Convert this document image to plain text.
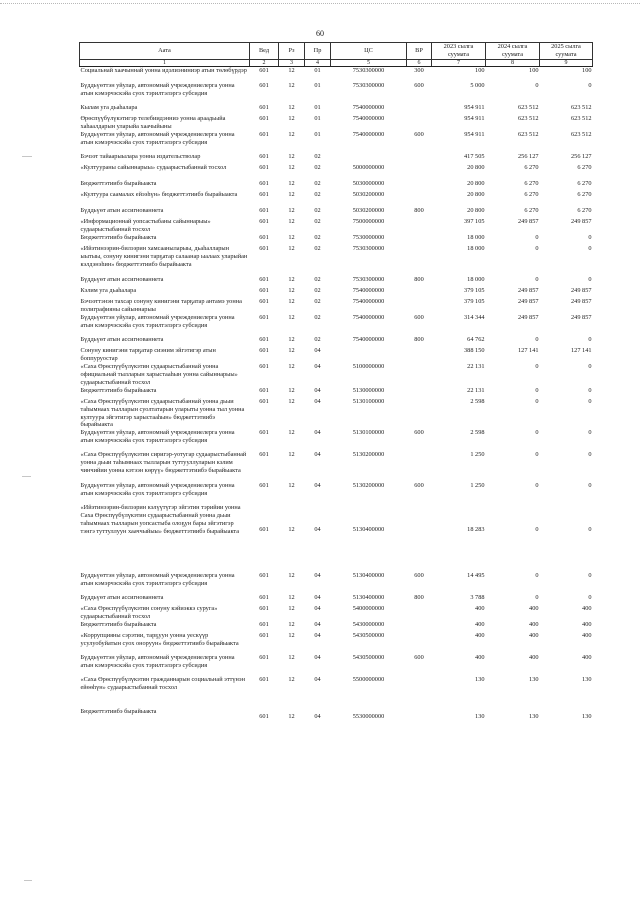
60
Аата	Вед	Рз	Пр	ЦС	ВР	2023 сылга суумата	2024 сылга суумата	2025 сылга суумата
1	2	3	4	5	6	7	8	9
Социальнай хаачыннай уонна идэлиэниниэр атын төлөбүрдэр	601	12	01	7530300000	300	100	100	100
Бүддьүөттэн уйулар, автономнай учреждениелерга уонна атын кэмэрчэскэйа суох тэрилтэлэргэ субсидия	601	12	01	7530300000	600	5 000	0	0
Кылам уга дьаһалара	601	12	01	7540000000		954 911	623 512	623 512
Өрөспүүбүлүкэтигэр телебиидэнниэ уонна араадьыйа хаһаалдарын уларыйа хаачыйыны	601	12	01	7540000000		954 911	623 512	623 512
Бүддьүөттэн уйулар, автономнай учреждениелерга уонна атын кэмэрчэскэйа суох тэрилтэлэргэ субсидия	601	12	01	7540000000	600	954 911	623 512	623 512
Бэчээт тайаарыылара уонна издательстволар	601	12	02			417 505	256 127	256 127
«Култуураны сайыннарыы» судаарыстыбаннай тосхол	601	12	02	5000000000		20 800	6 270	6 270
Бюджеттэтиибэ бырайыакта	601	12	02	5030000000		20 800	6 270	6 270
«Култуура саамалах ейээһүн» бюджеттэтиибэ бырайыакта	601	12	02	5030200000		20 800	6 270	6 270
Бүддьүөт атын ассигнованнета	601	12	02	5030200000	800	20 800	6 270	6 270
«Информационнай уопсастыбаны сайыннарыы» судаарыстыбаннай тосхол	601	12	02	7500000000		397 105	249 857	249 857
Бюджеттэтиибэ бырайыакта	601	12	02	7530000000		18 000	0	0
«Ийэтинээрин-билээрин хамсааныларыы, дьаһалларын ыытыы, сонуну кинигэни тарҕатар салаанар ыалаах уларыйан кэлдэнэһин» бюджеттэтиибэ бырайыакта	601	12	02	7530300000		18 000	0	0
Бүддьүөт атын ассигнованнета	601	12	02	7530300000	800	18 000	0	0
Кэлим уга дьаһалара	601	12	02	7540000000		379 105	249 857	249 857
Бэчээттэнэн тахсар сонуну кинигэни тарҕатар антамэ уонна полиграфияны сайыннарыы	601	12	02	7540000000		379 105	249 857	249 857
Бүддьүөттэн уйулар, автономнай учреждениелерга уонна атын кэмэрчэскэйа суох тэрилтэлэргэ субсидия	601	12	02	7540000000	600	314 344	249 857	249 857
Бүддьүөт атын ассигнованнета	601	12	02	7540000000	800	64 762	0	0
Сонуну кинигэни тарҕатар сиэним эйгэтигэр атын боппуруостар	601	12	04			388 150	127 141	127 141
«Саха Өрөспүүбүлүкэтин судаарыстыбаннай уонна официальнай тылларын харыстааһын уонна сайыннарыы» судаарыстыбаннай тосхол	601	12	04	5100000000		22 131	0	0
Бюджеттэтиибэ бырайыакта	601	12	04	5130000000		22 131	0	0
«Саха Өрөспүүбүлүкэтин судаарыстыбаннай уонна дьыи таһымнаах тылларын суолтатарын уларыты уонна тыл уонна култуура эйгэтигэр харыстааһын» бюджеттэтиибэ бырайыакта	601	12	04	5130100000		2 598	0	0
Бүддьүөттэн уйулар, автономнай учреждениелерга уонна атын кэмэрчэскэйа суох тэрилтэлэргэ субсидия	601	12	04	5130100000	600	2 598	0	0
«Саха Өрөспүүбүлүкэтин сиригэр-уотугар судаарыстыбаннай уонна дьыи таһымнаах тылларын туттууллуларын кэлим чинчийии уонна кэтээн көрүү» бюджеттэтиибэ бырайыакта	601	12	04	5130200000		1 250	0	0
Бүддьүөттэн уйулар, автономнай учреждениелерга уонна атын кэмэрчэскэйа суох тэрилтэлэргэ субсидия	601	12	04	5130200000	600	1 250	0	0
«Ийэтинээрин-билээрин кэлүүтүгэр эйгэтин тэрийии уонна Саха Өрөспүүбүлүкэтин судаарыстыбаннай уонна дьыи таһымнаах тылларын уопсастыба олоҕун бары эйгэтигэр тэнгэ туттуллуун хааччыйыы» бюджеттэтиибэ бырайыакта	601	12	04	5130400000		18 283	0	0
Бүддьүөттэн уйулар, автономнай учреждениелерга уонна атын кэмэрчэскэйа суох тэрилтэлэргэ субсидия	601	12	04	5130400000	600	14 495	0	0
Бүддьүөт атын ассигнованнета	601	12	04	5130400000	800	3 788	0	0
«Саха Өрөспүүбүлүкэтин сонуну кэйиэккэ суруга» судаарыстыбаннай тосхол	601	12	04	5400000000		400	400	400
Бюджеттэтиибэ бырайыакта	601	12	04	5430000000		400	400	400
«Коррупцияны сэрэтии, тарҕуун уонна уескүүр усулуобуйатын суох оноруун» бюджеттэтиибэ бырайыакта	601	12	04	5430500000		400	400	400
Бүддьүөттэн уйулар, автономнай учреждениелерга уонна атын кэмэрчэскэйа суох тэрилтэлэргэ субсидия	601	12	04	5430500000	600	400	400	400
«Саха Өрөспүүбүлүкэтин гражданнарын социальнай эттүнэн ейөөһүн» судаарыстыбаннай тосхол	601	12	04	5500000000		130	130	130
Бюджеттэтиибэ бырайыакта	601	12	04	5530000000		130	130	130
